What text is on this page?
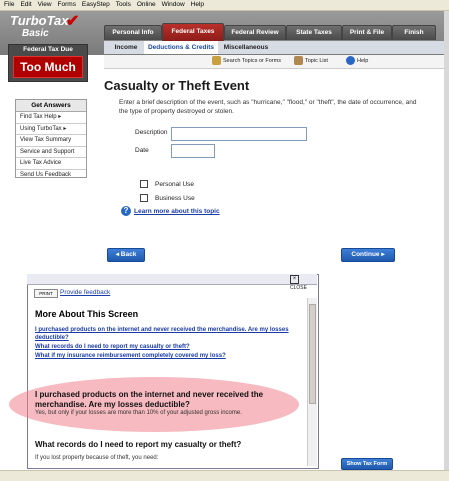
File Edit View Forms EasyStep Tools Online Window Help
TurboTax
✔
Basic	Personal Info	Federal Taxes	Federal Review	State Taxes	Print & File	Finish
Income	Deductions & Credits	Miscellaneous
Federal Tax Due
Too Much	Search Topics or Forms	Topic List	Help
Get Answers
Find Tax Help ▸
Using TurboTax ▸
View Tax Summary
Service and Support
Live Tax Advice
Send Us Feedback
Casualty or Theft Event
Enter a brief description of the event, such as "hurricane," "flood," or "theft", the date of occurrence, and the type of property destroyed or stolen.
Description
Date
Personal Use
Business Use
? Learn more about this topic
◂ Back	Continue ▸
×CLOSE
PRINT	Provide feedback
More About This Screen
I purchased products on the internet and never received the merchandise. Are my losses deductible?
What records do I need to report my casualty or theft?
What if my insurance reimbursement completely covered my loss?
I purchased products on the internet and never received the merchandise. Are my losses deductible?
Yes, but only if your losses are more than 10% of your adjusted gross income.
What records do I need to report my casualty or theft?
If you lost property because of theft, you need:
Show Tax Form
